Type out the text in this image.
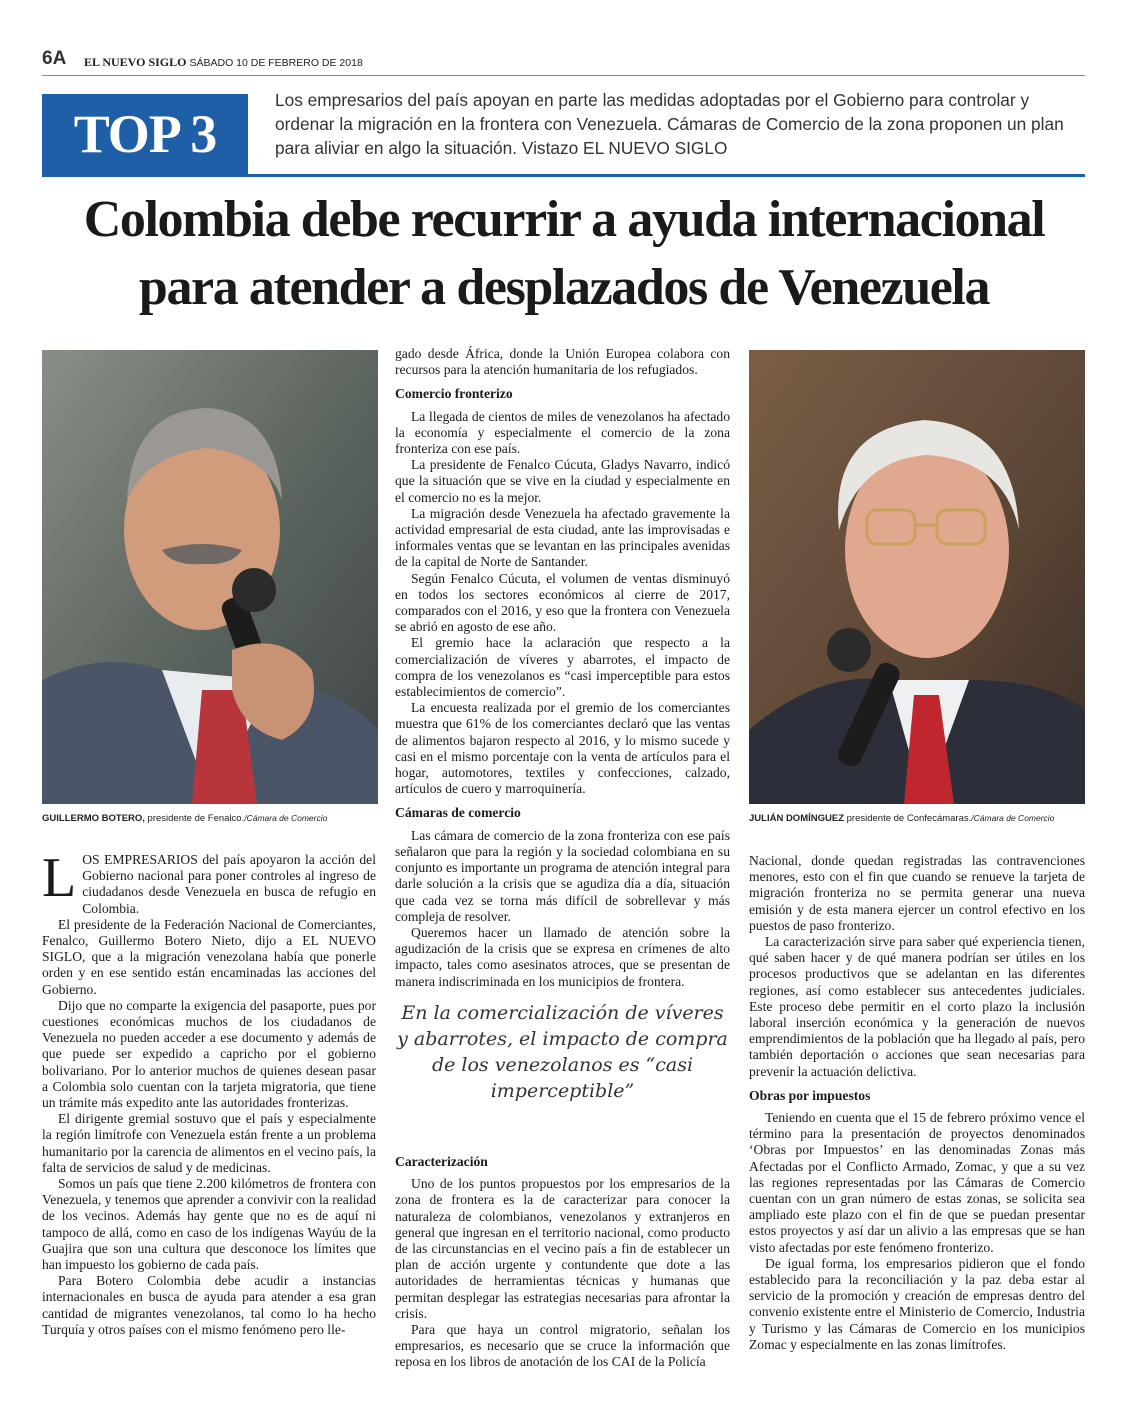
6A EL NUEVO SIGLO SÁBADO 10 DE FEBRERO DE 2018
TOP 3
Los empresarios del país apoyan en parte las medidas adoptadas por el Gobierno para controlar y ordenar la migración en la frontera con Venezuela. Cámaras de Comercio de la zona proponen un plan para aliviar en algo la situación. Vistazo EL NUEVO SIGLO
Colombia debe recurrir a ayuda internacional
para atender a desplazados de Venezuela
GUILLERMO BOTERO, presidente de Fenalco./Cámara de Comercio	JULIÁN DOMÍNGUEZ presidente de Confecámaras./Cámara de Comercio

LOS EMPRESARIOS del país apoyaron la acción del Gobierno nacional para poner controles al ingreso de ciudadanos desde Venezuela en busca de refugio en Colombia.

El presidente de la Federación Nacional de Comerciantes, Fenalco, Guillermo Botero Nieto, dijo a EL NUEVO SIGLO, que a la migración venezolana había que ponerle orden y en ese sentido están encaminadas las acciones del Gobierno.

Dijo que no comparte la exigencia del pasaporte, pues por cuestiones económicas muchos de los ciudadanos de Venezuela no pueden acceder a ese documento y además de que puede ser expedido a capricho por el gobierno bolivariano. Por lo anterior muchos de quienes desean pasar a Colombia solo cuentan con la tarjeta migratoria, que tiene un trámite más expedito ante las autoridades fronterizas.

El dirigente gremial sostuvo que el país y especialmente la región limítrofe con Venezuela están frente a un problema humanitario por la carencia de alimentos en el vecino país, la falta de servicios de salud y de medicinas.

Somos un país que tiene 2.200 kilómetros de frontera con Venezuela, y tenemos que aprender a convivir con la realidad de los vecinos. Además hay gente que no es de aquí ni tampoco de allá, como en caso de los indígenas Wayúu de la Guajira que son una cultura que desconoce los límites que han impuesto los gobierno de cada país.

Para Botero Colombia debe acudir a instancias internacionales en busca de ayuda para atender a esa gran cantidad de migrantes venezolanos, tal como lo ha hecho Turquía y otros países con el mismo fenómeno pero lle-

gado desde África, donde la Unión Europea colabora con recursos para la atención humanitaria de los refugiados.

Comercio fronterizo

La llegada de cientos de miles de venezolanos ha afectado la economía y especialmente el comercio de la zona fronteriza con ese país.

La presidente de Fenalco Cúcuta, Gladys Navarro, indicó que la situación que se vive en la ciudad y especialmente en el comercio no es la mejor.

La migración desde Venezuela ha afectado gravemente la actividad empresarial de esta ciudad, ante las improvisadas e informales ventas que se levantan en las principales avenidas de la capital de Norte de Santander.

Según Fenalco Cúcuta, el volumen de ventas disminuyó en todos los sectores económicos al cierre de 2017, comparados con el 2016, y eso que la frontera con Venezuela se abrió en agosto de ese año.

El gremio hace la aclaración que respecto a la comercialización de víveres y abarrotes, el impacto de compra de los venezolanos es “casi imperceptible para estos establecimientos de comercio”.

La encuesta realizada por el gremio de los comerciantes muestra que 61% de los comerciantes declaró que las ventas de alimentos bajaron respecto al 2016, y lo mismo sucede y casi en el mismo porcentaje con la venta de artículos para el hogar, automotores, textiles y confecciones, calzado, artículos de cuero y marroquinería.

Cámaras de comercio

Las cámara de comercio de la zona fronteriza con ese país señalaron que para la región y la sociedad colombiana en su conjunto es importante un programa de atención integral para darle solución a la crisis que se agudiza día a día, situación que cada vez se torna más difícil de sobrellevar y más compleja de resolver.

Queremos hacer un llamado de atención sobre la agudización de la crisis que se expresa en crímenes de alto impacto, tales como asesinatos atroces, que se presentan de manera indiscriminada en los municipios de frontera.

En la comercialización de víveres y abarrotes, el impacto de compra de los venezolanos es “casi imperceptible”
Caracterización

Uno de los puntos propuestos por los empresarios de la zona de frontera es la de caracterizar para conocer la naturaleza de colombianos, venezolanos y extranjeros en general que ingresan en el territorio nacional, como producto de las circunstancias en el vecino país a fin de establecer un plan de acción urgente y contundente que dote a las autoridades de herramientas técnicas y humanas que permitan desplegar las estrategias necesarias para afrontar la crisis.

Para que haya un control migratorio, señalan los empresarios, es necesario que se cruce la información que reposa en los libros de anotación de los CAI de la Policía

Nacional, donde quedan registradas las contravenciones menores, esto con el fin que cuando se renueve la tarjeta de migración fronteriza no se permita generar una nueva emisión y de esta manera ejercer un control efectivo en los puestos de paso fronterizo.

La caracterización sirve para saber qué experiencia tienen, qué saben hacer y de qué manera podrían ser útiles en los procesos productivos que se adelantan en las diferentes regiones, así como establecer sus antecedentes judiciales. Este proceso debe permitir en el corto plazo la inclusión laboral inserción económica y la generación de nuevos emprendimientos de la población que ha llegado al país, pero también deportación o acciones que sean necesarias para prevenir la actuación delictiva.

Obras por impuestos

Teniendo en cuenta que el 15 de febrero próximo vence el término para la presentación de proyectos denominados ‘Obras por Impuestos’ en las denominadas Zonas más Afectadas por el Conflicto Armado, Zomac, y que a su vez las regiones representadas por las Cámaras de Comercio cuentan con un gran número de estas zonas, se solicita sea ampliado este plazo con el fin de que se puedan presentar estos proyectos y así dar un alivio a las empresas que se han visto afectadas por este fenómeno fronterizo.

De igual forma, los empresarios pidieron que el fondo establecido para la reconciliación y la paz deba estar al servicio de la promoción y creación de empresas dentro del convenio existente entre el Ministerio de Comercio, Industria y Turismo y las Cámaras de Comercio en los municipios Zomac y especialmente en las zonas limítrofes.
